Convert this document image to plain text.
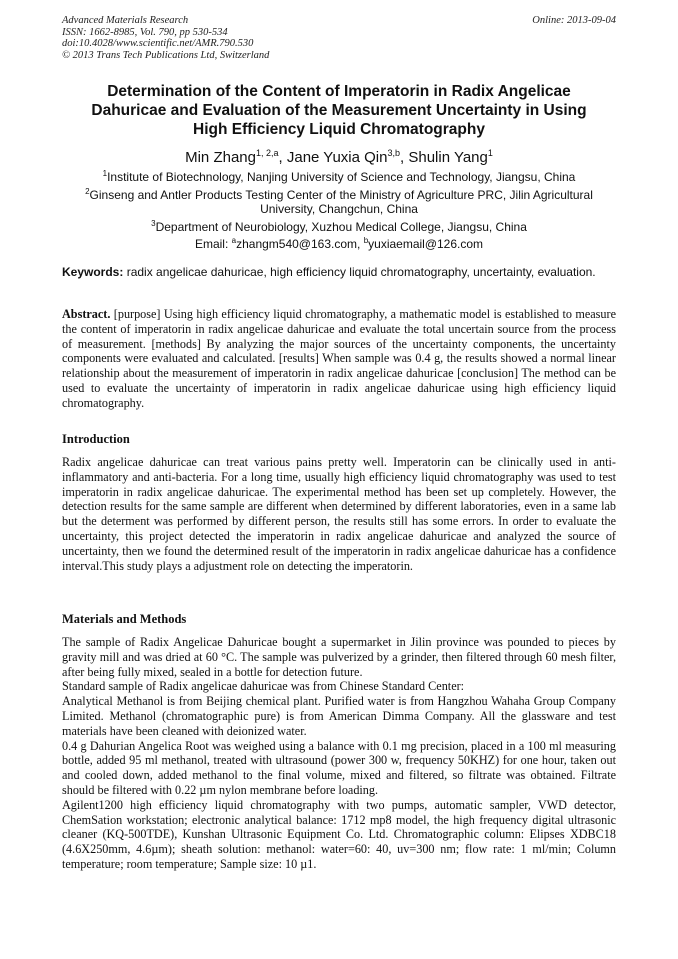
Advanced Materials Research
ISSN: 1662-8985, Vol. 790, pp 530-534
doi:10.4028/www.scientific.net/AMR.790.530
© 2013 Trans Tech Publications Ltd, Switzerland
Online: 2013-09-04
Determination of the Content of Imperatorin in Radix Angelicae
Dahuricae and Evaluation of the Measurement Uncertainty in Using
High Efficiency Liquid Chromatography
Min Zhang$^{1, 2,a}$, Jane Yuxia Qin$^{3,b}$, Shulin Yang$^1$
$^1$Institute of Biotechnology, Nanjing University of Science and Technology, Jiangsu, China
$^2$Ginseng and Antler Products Testing Center of the Ministry of Agriculture PRC, Jilin Agricultural University, Changchun, China
$^3$Department of Neurobiology, Xuzhou Medical College, Jiangsu, China
Email: $^a$zhangm540@163.com, $^b$yuxiaemail@126.com
Keywords: radix angelicae dahuricae, high efficiency liquid chromatography, uncertainty, evaluation.

Abstract. [purpose] Using high efficiency liquid chromatography, a mathematic model is established to measure the content of imperatorin in radix angelicae dahuricae and evaluate the total uncertain source from the process of measurement. [methods] By analyzing the major sources of the uncertainty components, the uncertainty components were evaluated and calculated. [results] When sample was 0.4 g, the results showed a normal linear relationship about the measurement of imperatorin in radix angelicae dahuricae [conclusion] The method can be used to evaluate the uncertainty of imperatorin in radix angelicae dahuricae using high efficiency liquid chromatography.

Introduction

Radix angelicae dahuricae can treat various pains pretty well. Imperatorin can be clinically used in anti-inflammatory and anti-bacteria. For a long time, usually high efficiency liquid chromatography was used to test imperatorin in radix angelicae dahuricae. The experimental method has been set up completely. However, the detection results for the same sample are different when determined by different laboratories, even in a same lab but the determent was performed by different person, the results still has some errors. In order to evaluate the uncertainty, this project detected the imperatorin in radix angelicae dahuricae and analyzed the source of uncertainty, then we found the determined result of the imperatorin in radix angelicae dahuricae has a confidence interval.This study plays a adjustment role on detecting the imperatorin.

Materials and Methods

The sample of Radix Angelicae Dahuricae bought a supermarket in Jilin province was pounded to pieces by gravity mill and was dried at 60 °C. The sample was pulverized by a grinder, then filtered through 60 mesh filter, after being fully mixed, sealed in a bottle for detection future.

Standard sample of Radix angelicae dahuricae was from Chinese Standard Center:

Analytical Methanol is from Beijing chemical plant. Purified water is from Hangzhou Wahaha Group Company Limited. Methanol (chromatographic pure) is from American Dimma Company. All the glassware and test materials have been cleaned with deionized water.

0.4 g Dahurian Angelica Root was weighed using a balance with 0.1 mg precision, placed in a 100 ml measuring bottle, added 95 ml methanol, treated with ultrasound (power 300 w, frequency 50KHZ) for one hour, taken out and cooled down, added methanol to the final volume, mixed and filtered, so filtrate was obtained. Filtrate should be filtered with 0.22 µm nylon membrane before loading.

Agilent1200 high efficiency liquid chromatography with two pumps, automatic sampler, VWD detector, ChemSation workstation; electronic analytical balance: 1712 mp8 model, the high frequency digital ultrasonic cleaner (KQ-500TDE), Kunshan Ultrasonic Equipment Co. Ltd. Chromatographic column: Elipses XDBC18 (4.6X250mm, 4.6µm); sheath solution: methanol: water=60: 40, uv=300 nm; flow rate: 1 ml/min; Column temperature; room temperature; Sample size: 10 µ1.
